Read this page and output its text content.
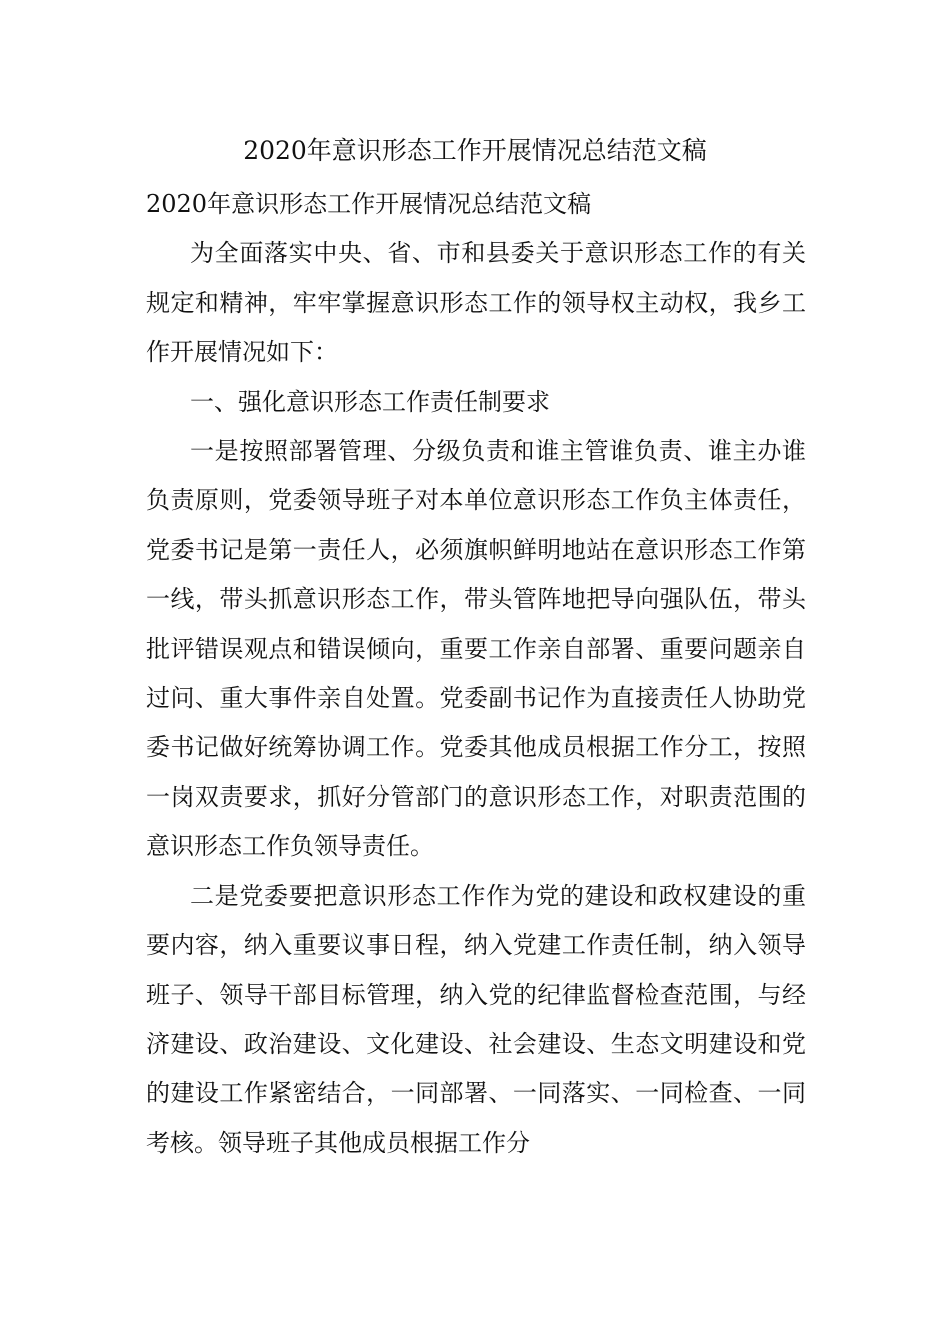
2020年意识形态工作开展情况总结范文稿

2020年意识形态工作开展情况总结范文稿

为全面落实中央、省、市和县委关于意识形态工作的有关规定和精神，牢牢掌握意识形态工作的领导权主动权，我乡工作开展情况如下：

一、强化意识形态工作责任制要求

一是按照部署管理、分级负责和谁主管谁负责、谁主办谁负责原则，党委领导班子对本单位意识形态工作负主体责任，党委书记是第一责任人，必须旗帜鲜明地站在意识形态工作第一线，带头抓意识形态工作，带头管阵地把导向强队伍，带头批评错误观点和错误倾向，重要工作亲自部署、重要问题亲自过问、重大事件亲自处置。党委副书记作为直接责任人协助党委书记做好统筹协调工作。党委其他成员根据工作分工，按照一岗双责要求，抓好分管部门的意识形态工作，对职责范围的意识形态工作负领导责任。

二是党委要把意识形态工作作为党的建设和政权建设的重要内容，纳入重要议事日程，纳入党建工作责任制，纳入领导班子、领导干部目标管理，纳入党的纪律监督检查范围，与经济建设、政治建设、文化建设、社会建设、生态文明建设和党的建设工作紧密结合，一同部署、一同落实、一同检查、一同考核。领导班子其他成员根据工作分
